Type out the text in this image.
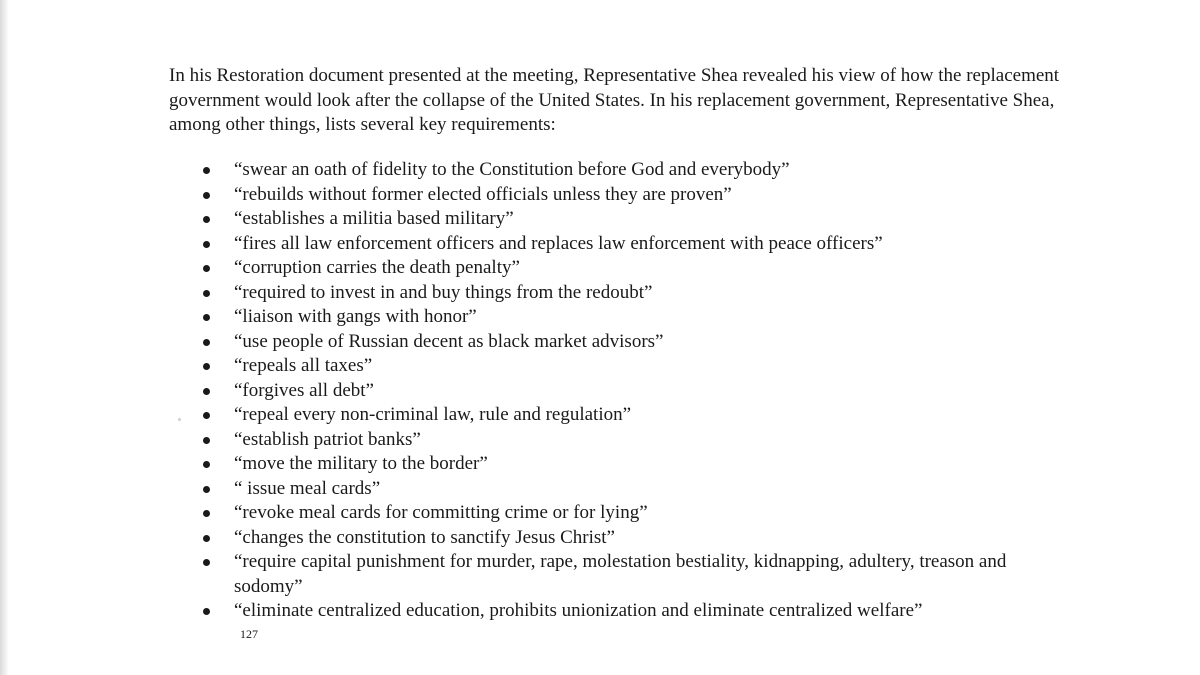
In his Restoration document presented at the meeting, Representative Shea revealed his view of how the replacement government would look after the collapse of the United States. In his replacement government, Representative Shea, among other things, lists several key requirements:

“swear an oath of fidelity to the Constitution before God and everybody”
“rebuilds without former elected officials unless they are proven”
“establishes a militia based military”
“fires all law enforcement officers and replaces law enforcement with peace officers”
“corruption carries the death penalty”
“required to invest in and buy things from the redoubt”
“liaison with gangs with honor”
“use people of Russian decent as black market advisors”
“repeals all taxes”
“forgives all debt”
“repeal every non-criminal law, rule and regulation”
“establish patriot banks”
“move the military to the border”
“ issue meal cards”
“revoke meal cards for committing crime or for lying”
“changes the constitution to sanctify Jesus Christ”
“require capital punishment for murder, rape, molestation bestiality, kidnapping, adultery, treason and sodomy”
“eliminate centralized education, prohibits unionization and eliminate centralized welfare”
127
